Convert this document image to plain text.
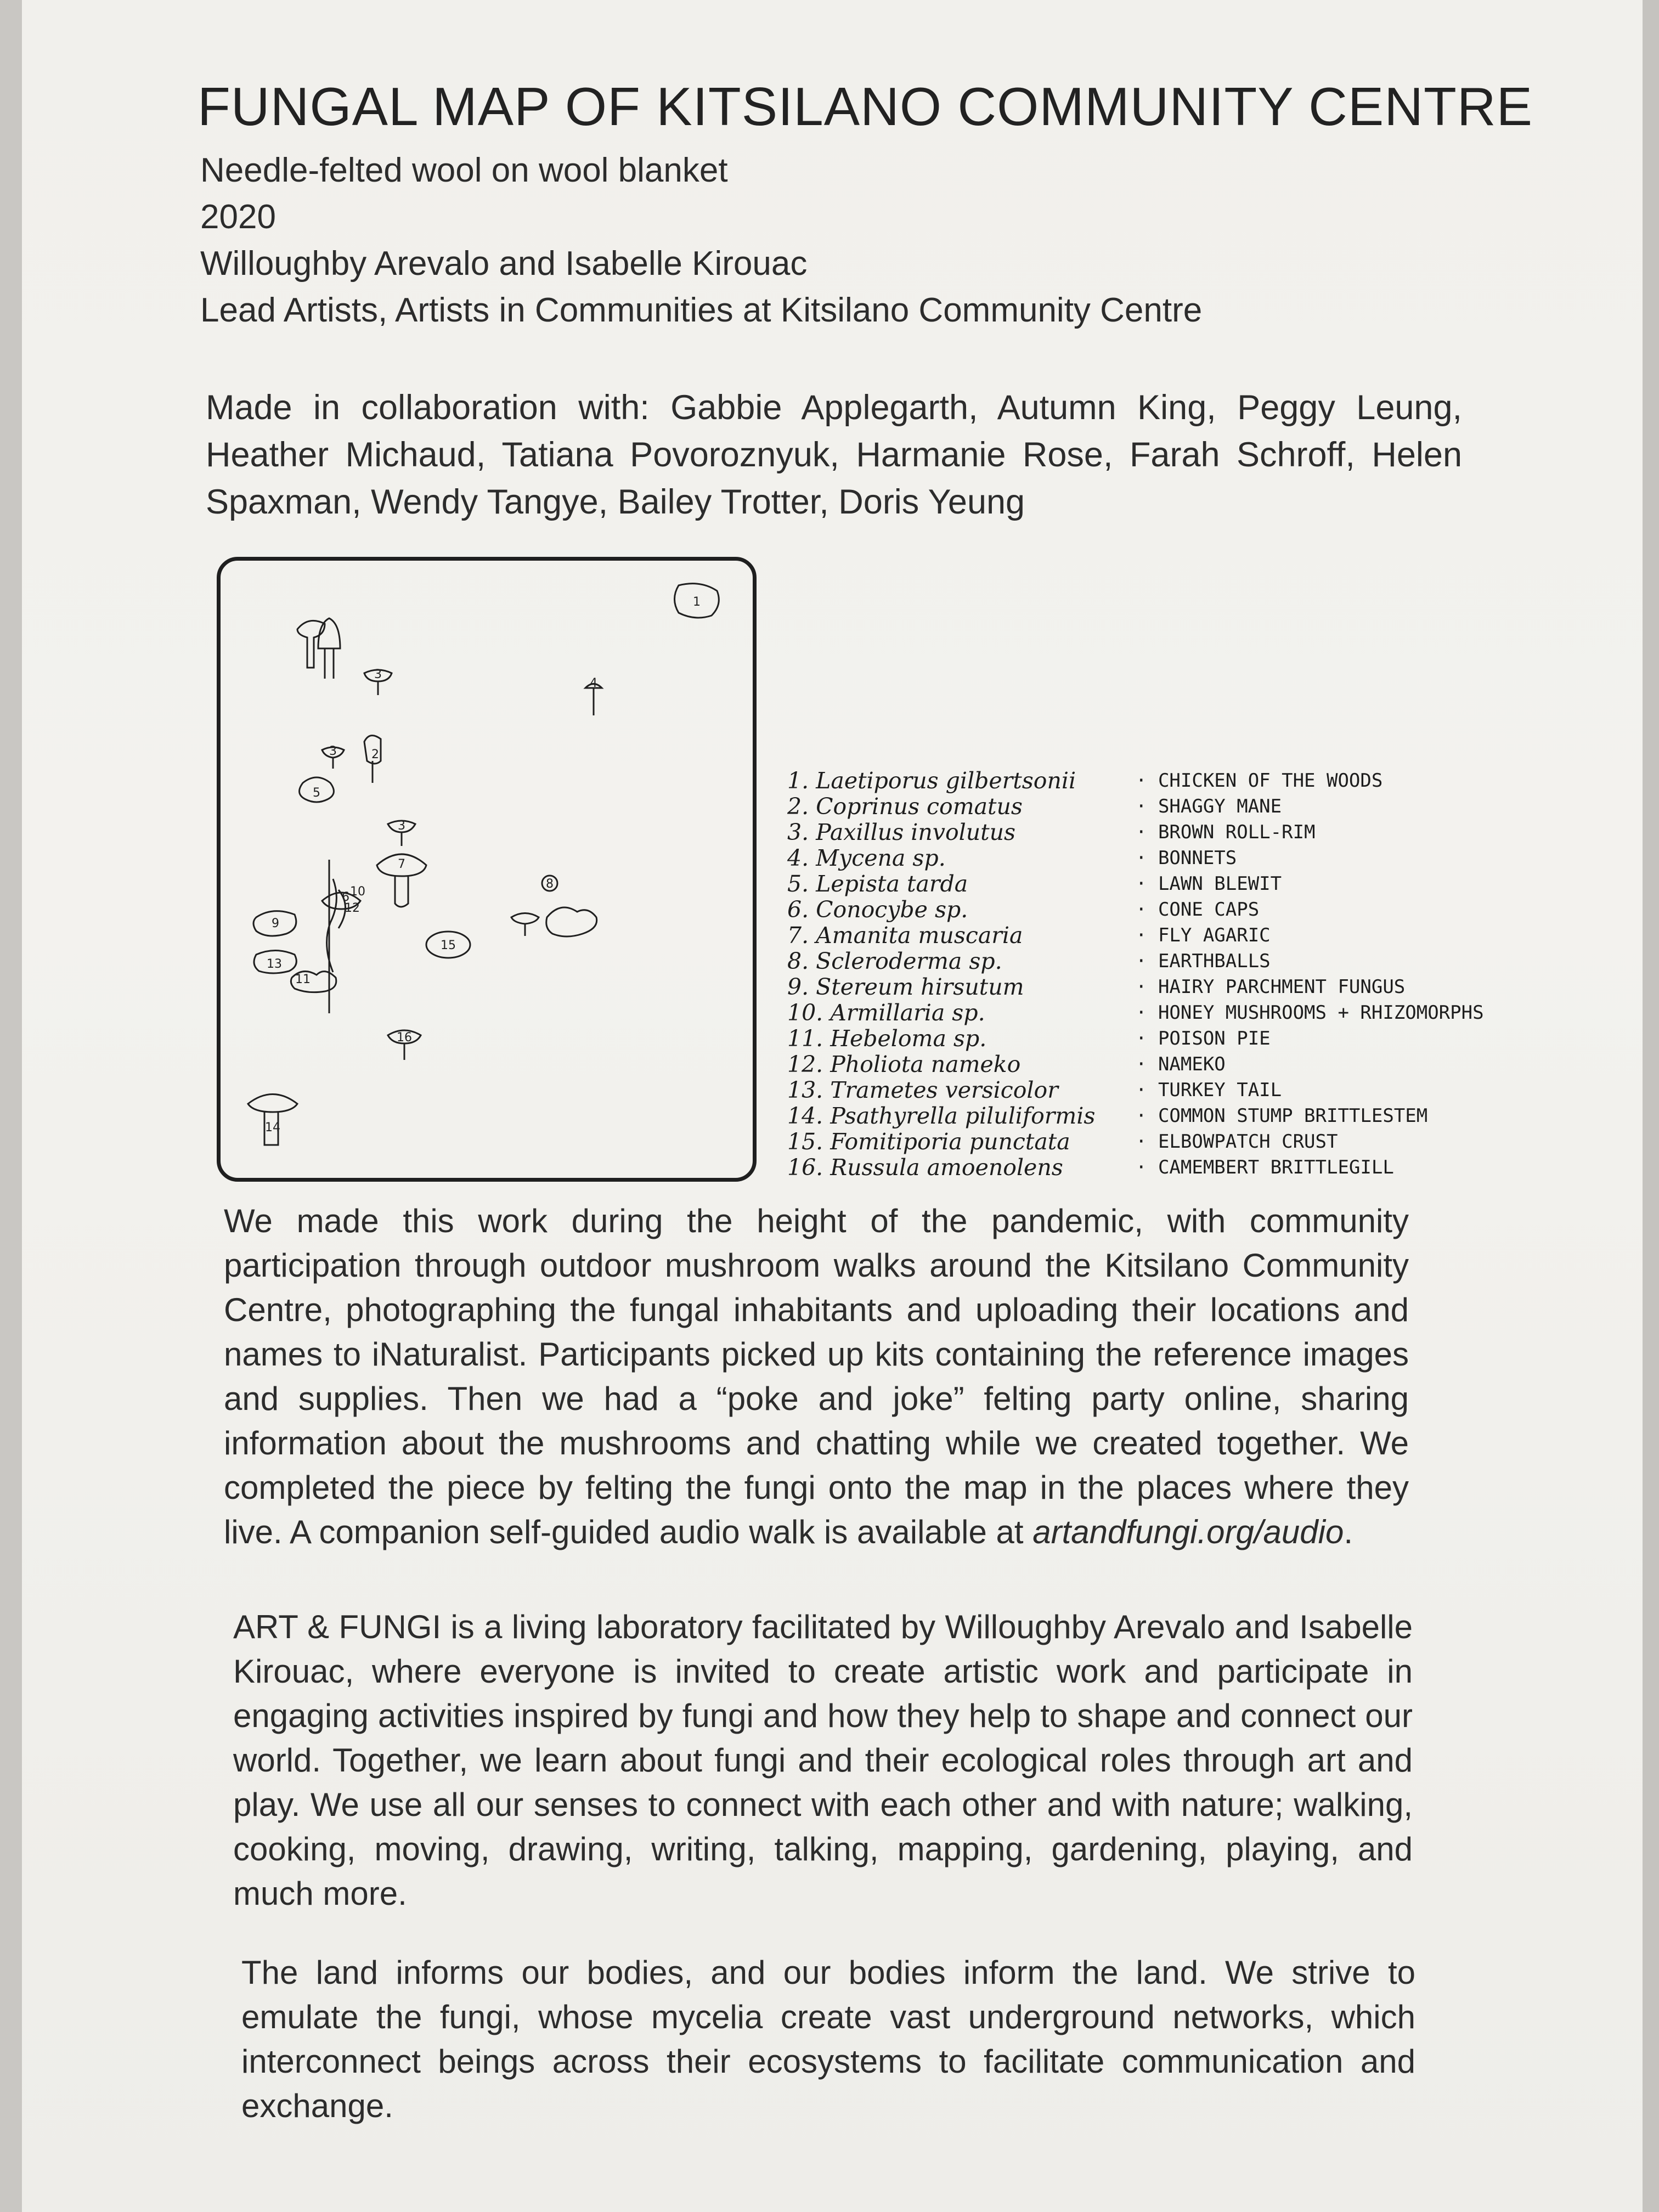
FUNGAL MAP OF KITSILANO COMMUNITY CENTRE
Needle-felted wool on wool blanket
2020
Willoughby Arevalo and Isabelle Kirouac
Lead Artists, Artists in Communities at Kitsilano Community Centre
Made in collaboration with: Gabbie Applegarth, Autumn King, Peggy Leung, Heather Michaud, Tatiana Povoroznyuk, Harmanie Rose, Farah Schroff, Helen Spaxman, Wendy Tangye, Bailey Trotter, Doris Yeung
1
2
3
3
3
4
7
6 10
8
9
13
11
15
16
14
12
5	1. Laetiporus gilbertsonii
2. Coprinus comatus
3. Paxillus involutus
4. Mycena sp.
5. Lepista tarda
6. Conocybe sp.
7. Amanita muscaria
8. Scleroderma sp.
9. Stereum hirsutum
10. Armillaria sp.
11. Hebeloma sp.
12. Pholiota nameko
13. Trametes versicolor
14. Psathyrella piluliformis
15. Fomitiporia punctata
16. Russula amoenolens
· CHICKEN OF THE WOODS
· SHAGGY MANE
· BROWN ROLL-RIM
· BONNETS
· LAWN BLEWIT
· CONE CAPS
· FLY AGARIC
· EARTHBALLS
· HAIRY PARCHMENT FUNGUS
· HONEY MUSHROOMS + RHIZOMORPHS
· POISON PIE
· NAMEKO
· TURKEY TAIL
· COMMON STUMP BRITTLESTEM
· ELBOWPATCH CRUST
· CAMEMBERT BRITTLEGILL
We made this work during the height of the pandemic, with community participation through outdoor mushroom walks around the Kitsilano Community Centre, photographing the fungal inhabitants and uploading their locations and names to iNaturalist. Participants picked up kits containing the reference images and supplies. Then we had a “poke and joke” felting party online, sharing information about the mushrooms and chatting while we created together. We completed the piece by felting the fungi onto the map in the places where they live. A companion self-guided audio walk is available at artandfungi.org/audio.
ART & FUNGI is a living laboratory facilitated by Willoughby Arevalo and Isabelle Kirouac, where everyone is invited to create artistic work and participate in engaging activities inspired by fungi and how they help to shape and connect our world. Together, we learn about fungi and their ecological roles through art and play. We use all our senses to connect with each other and with nature; walking, cooking, moving, drawing, writing, talking, mapping, gardening, playing, and much more.
The land informs our bodies, and our bodies inform the land. We strive to emulate the fungi, whose mycelia create vast underground networks, which interconnect beings across their ecosystems to facilitate communication and exchange.
